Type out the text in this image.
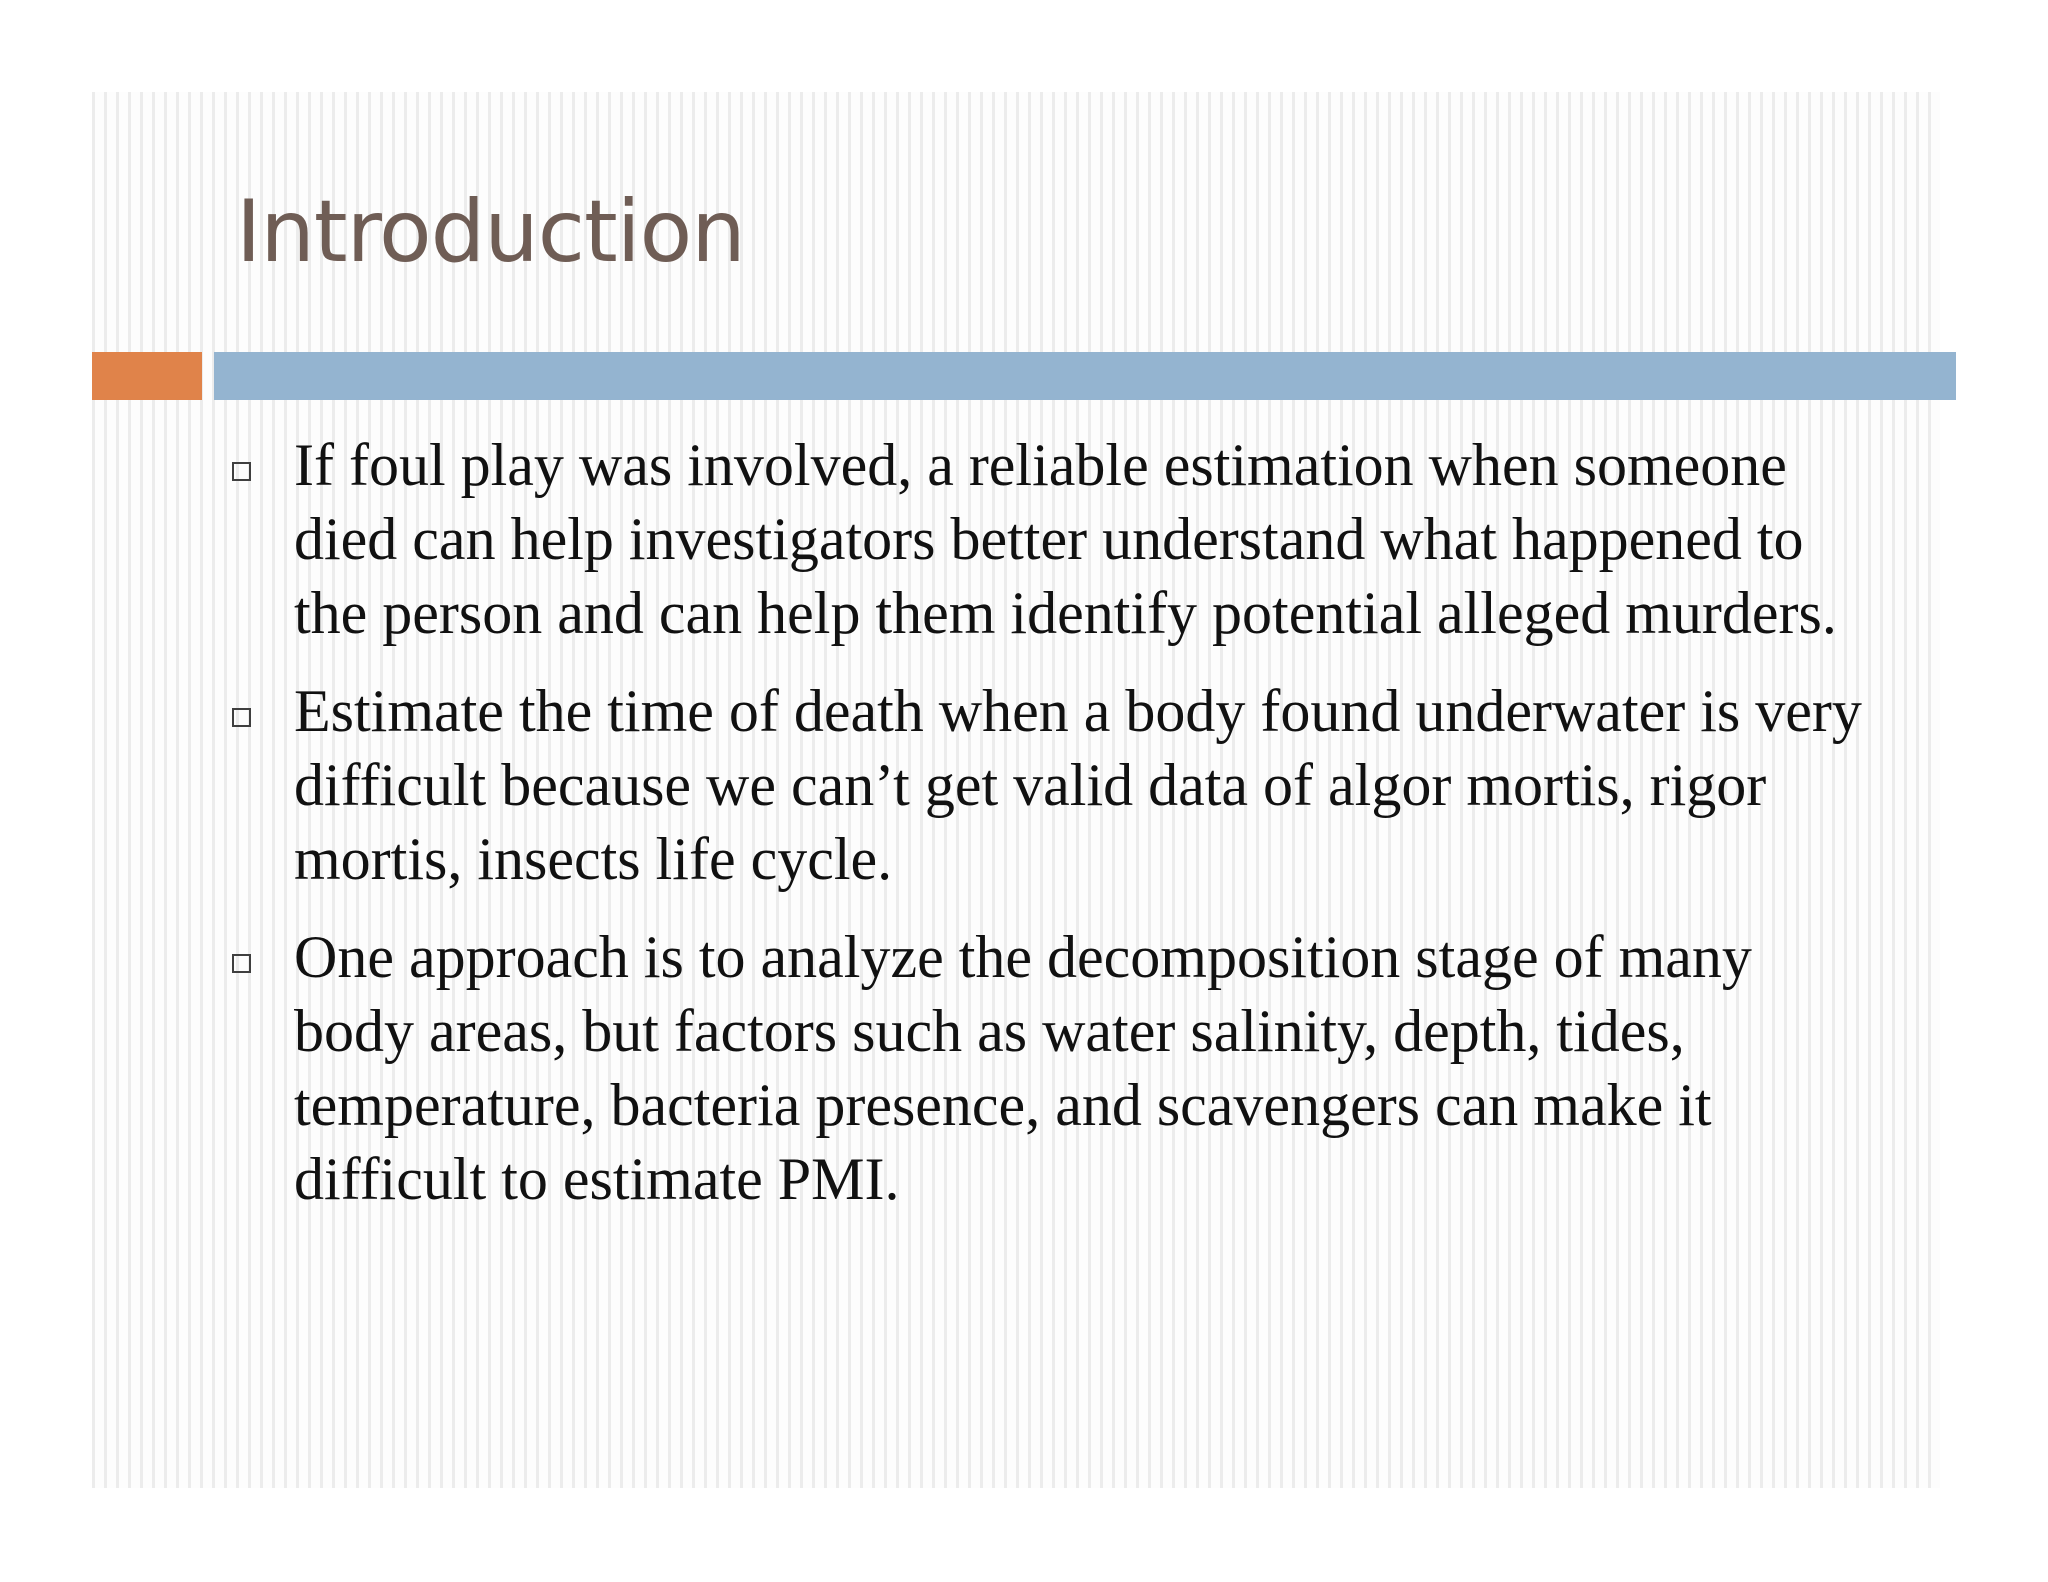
Introduction
If foul play was involved, a reliable estimation when someone died can help investigators better understand what happened to the person and can help them identify potential alleged murders.
Estimate the time of death when a body found underwater is very difficult because we can’t get valid data of algor mortis, rigor mortis, insects life cycle.
One approach is to analyze the decomposition stage of many body areas, but factors such as water salinity, depth, tides, temperature, bacteria presence, and scavengers can make it difficult to estimate PMI.
